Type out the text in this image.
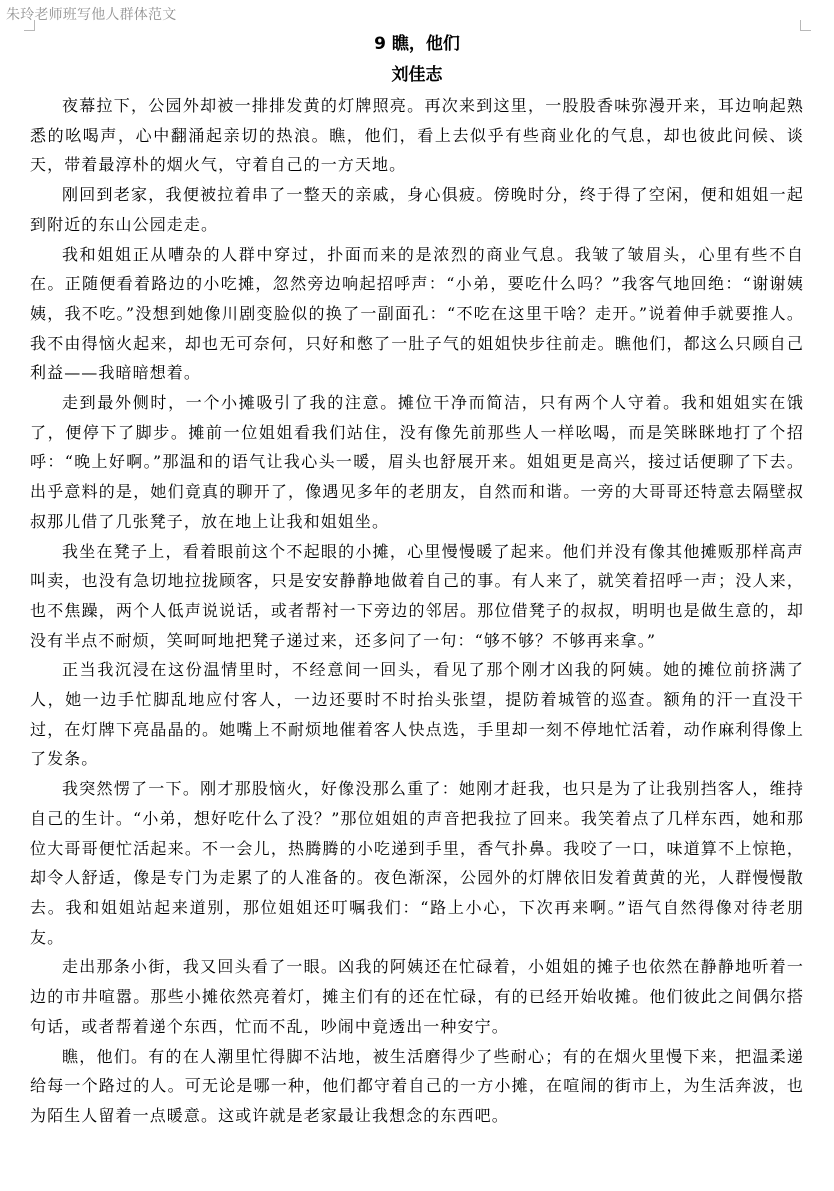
朱玲老师班写他人群体范文
9 瞧，他们
刘佳志

夜幕拉下，公园外却被一排排发黄的灯牌照亮。再次来到这里，一股股香味弥漫开来，耳边响起熟悉的吆喝声，心中翻涌起亲切的热浪。瞧，他们，看上去似乎有些商业化的气息，却也彼此问候、谈天，带着最淳朴的烟火气，守着自己的一方天地。

刚回到老家，我便被拉着串了一整天的亲戚，身心俱疲。傍晚时分，终于得了空闲，便和姐姐一起到附近的东山公园走走。

我和姐姐正从嘈杂的人群中穿过，扑面而来的是浓烈的商业气息。我皱了皱眉头，心里有些不自在。正随便看着路边的小吃摊，忽然旁边响起招呼声：“小弟，要吃什么吗？”我客气地回绝：“谢谢姨姨，我不吃。”没想到她像川剧变脸似的换了一副面孔：“不吃在这里干啥？走开。”说着伸手就要推人。我不由得恼火起来，却也无可奈何，只好和憋了一肚子气的姐姐快步往前走。瞧他们，都这么只顾自己利益——我暗暗想着。

走到最外侧时，一个小摊吸引了我的注意。摊位干净而简洁，只有两个人守着。我和姐姐实在饿了，便停下了脚步。摊前一位姐姐看我们站住，没有像先前那些人一样吆喝，而是笑眯眯地打了个招呼：“晚上好啊。”那温和的语气让我心头一暖，眉头也舒展开来。姐姐更是高兴，接过话便聊了下去。出乎意料的是，她们竟真的聊开了，像遇见多年的老朋友，自然而和谐。一旁的大哥哥还特意去隔壁叔叔那儿借了几张凳子，放在地上让我和姐姐坐。

我坐在凳子上，看着眼前这个不起眼的小摊，心里慢慢暖了起来。他们并没有像其他摊贩那样高声叫卖，也没有急切地拉拢顾客，只是安安静静地做着自己的事。有人来了，就笑着招呼一声；没人来，也不焦躁，两个人低声说说话，或者帮衬一下旁边的邻居。那位借凳子的叔叔，明明也是做生意的，却没有半点不耐烦，笑呵呵地把凳子递过来，还多问了一句：“够不够？不够再来拿。”

正当我沉浸在这份温情里时，不经意间一回头，看见了那个刚才凶我的阿姨。她的摊位前挤满了人，她一边手忙脚乱地应付客人，一边还要时不时抬头张望，提防着城管的巡查。额角的汗一直没干过，在灯牌下亮晶晶的。她嘴上不耐烦地催着客人快点选，手里却一刻不停地忙活着，动作麻利得像上了发条。

我突然愣了一下。刚才那股恼火，好像没那么重了：她刚才赶我，也只是为了让我别挡客人，维持自己的生计。“小弟，想好吃什么了没？”那位姐姐的声音把我拉了回来。我笑着点了几样东西，她和那位大哥哥便忙活起来。不一会儿，热腾腾的小吃递到手里，香气扑鼻。我咬了一口，味道算不上惊艳，却令人舒适，像是专门为走累了的人准备的。夜色渐深，公园外的灯牌依旧发着黄黄的光，人群慢慢散去。我和姐姐站起来道别，那位姐姐还叮嘱我们：“路上小心，下次再来啊。”语气自然得像对待老朋友。

走出那条小街，我又回头看了一眼。凶我的阿姨还在忙碌着，小姐姐的摊子也依然在静静地听着一边的市井喧嚣。那些小摊依然亮着灯，摊主们有的还在忙碌，有的已经开始收摊。他们彼此之间偶尔搭句话，或者帮着递个东西，忙而不乱，吵闹中竟透出一种安宁。

瞧，他们。有的在人潮里忙得脚不沾地，被生活磨得少了些耐心；有的在烟火里慢下来，把温柔递给每一个路过的人。可无论是哪一种，他们都守着自己的一方小摊，在喧闹的街市上，为生活奔波，也为陌生人留着一点暖意。这或许就是老家最让我想念的东西吧。
